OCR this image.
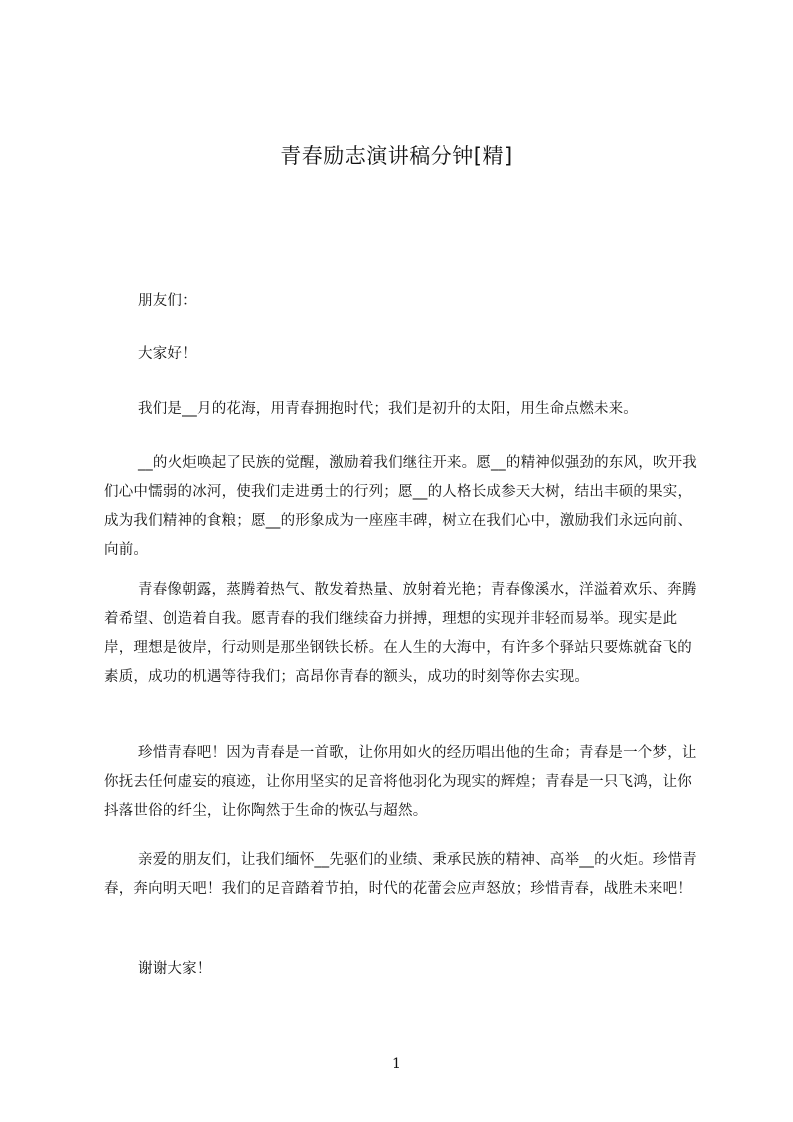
青春励志演讲稿分钟[精]

朋友们：

大家好！

我们是__月的花海，用青春拥抱时代；我们是初升的太阳，用生命点燃未来。

__的火炬唤起了民族的觉醒，激励着我们继往开来。愿__的精神似强劲的东风，吹开我们心中懦弱的冰河，使我们走进勇士的行列；愿__的人格长成参天大树，结出丰硕的果实，成为我们精神的食粮；愿__的形象成为一座座丰碑，树立在我们心中，激励我们永远向前、向前。

青春像朝露，蒸腾着热气、散发着热量、放射着光艳；青春像溪水，洋溢着欢乐、奔腾着希望、创造着自我。愿青春的我们继续奋力拼搏，理想的实现并非轻而易举。现实是此岸，理想是彼岸，行动则是那坐钢铁长桥。在人生的大海中，有许多个驿站只要炼就奋飞的素质，成功的机遇等待我们；高昂你青春的额头，成功的时刻等你去实现。

珍惜青春吧！因为青春是一首歌，让你用如火的经历唱出他的生命；青春是一个梦，让你抚去任何虚妄的痕迹，让你用坚实的足音将他羽化为现实的辉煌；青春是一只飞鸿，让你抖落世俗的纤尘，让你陶然于生命的恢弘与超然。

亲爱的朋友们，让我们缅怀__先驱们的业绩、秉承民族的精神、高举__的火炬。珍惜青春，奔向明天吧！我们的足音踏着节拍，时代的花蕾会应声怒放；珍惜青春，战胜未来吧！

谢谢大家！

1
